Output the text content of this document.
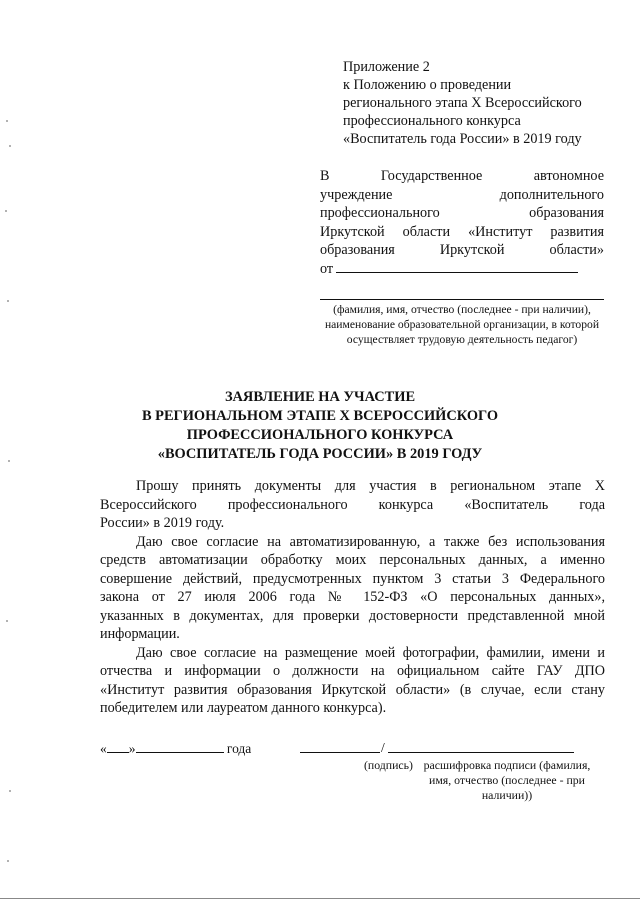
Приложение 2
к Положению о проведении
регионального этапа X Всероссийского
профессионального конкурса
«Воспитатель года России» в 2019 году
В Государственное автономное
учреждение дополнительного
профессионального образования
Иркутской области «Институт развития
образования Иркутской области»
от
(фамилия, имя, отчество (последнее - при наличии), наименование образовательной организации, в которой осуществляет трудовую деятельность педагог)
ЗАЯВЛЕНИЕ НА УЧАСТИЕ
В РЕГИОНАЛЬНОМ ЭТАПЕ X ВСЕРОССИЙСКОГО
ПРОФЕССИОНАЛЬНОГО КОНКУРСА
«ВОСПИТАТЕЛЬ ГОДА РОССИИ» В 2019 ГОДУ
Прошу принять документы для участия в региональном этапе X
Всероссийского профессионального конкурса «Воспитатель года
России» в 2019 году.
Даю свое согласие на автоматизированную, а также без использования
средств автоматизации обработку моих персональных данных, а именно
совершение действий, предусмотренных пунктом 3 статьи 3 Федерального
закона от 27 июля 2006 года № 152-ФЗ «О персональных данных»,
указанных в документах, для проверки достоверности представленной мной
информации.
Даю свое согласие на размещение моей фотографии, фамилии, имени и
отчества и информации о должности на официальном сайте ГАУ ДПО
«Институт развития образования Иркутской области» (в случае, если стану
победителем или лауреатом данного конкурса).
« »	года	/
(подпись) расшифровка подписи (фамилия, имя, отчество (последнее - при наличии))
